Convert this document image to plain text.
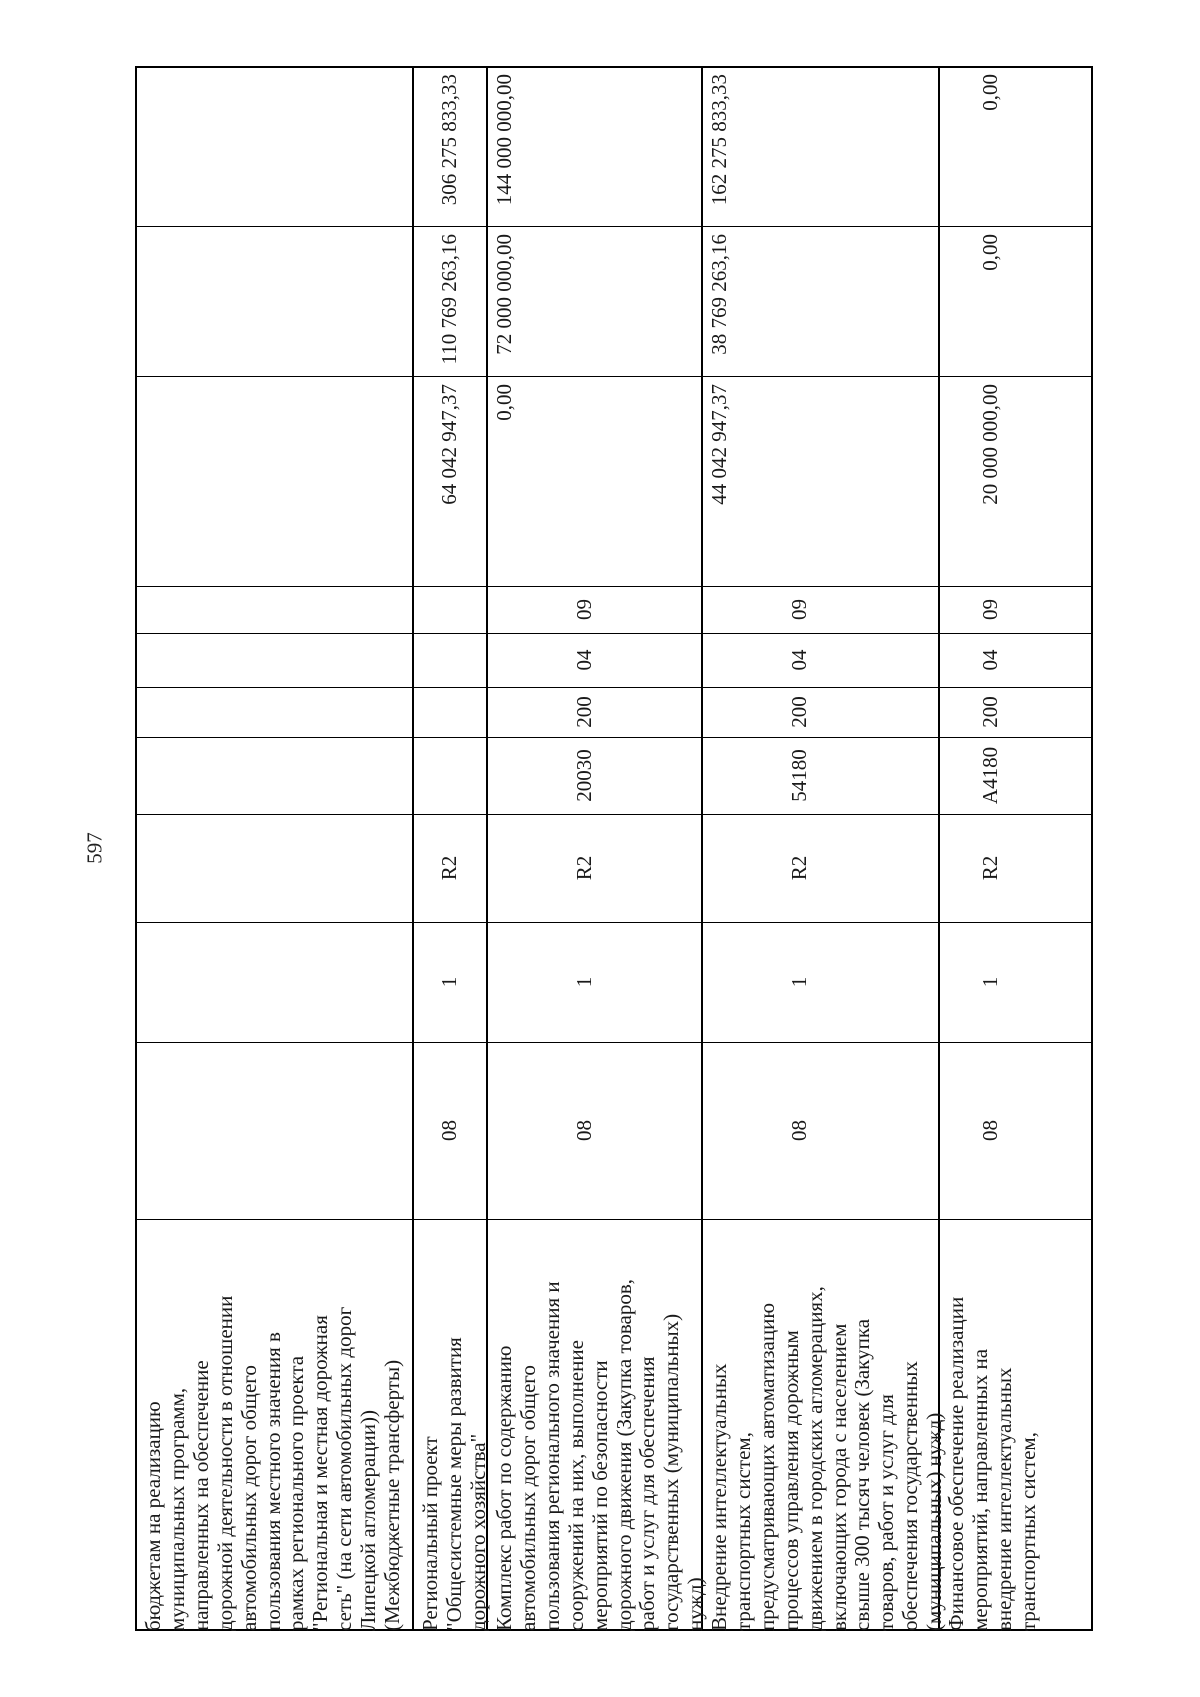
597
бюджетам на реализацию муниципальных программ, направленных на обеспечение дорожной деятельности в отношении автомобильных дорог общего пользования местного значения в рамках регионального проекта "Региональная и местная дорожная сеть" (на сети автомобильных дорог Липецкой агломерации)) (Межбюджетные трансферты) Региональный проект "Общесистемные меры развития дорожного хозяйства"
08
1
R2
64 042 947,37
110 769 263,16
306 275 833,33
Комплекс работ по содержанию автомобильных дорог общего пользования регионального значения и сооружений на них, выполнение мероприятий по безопасности дорожного движения (Закупка товаров, работ и услуг для обеспечения государственных (муниципальных) нужд)
08
1
R2
20030
200
04
09
0,00
72 000 000,00
144 000 000,00
Внедрение интеллектуальных транспортных систем, предусматривающих автоматизацию процессов управления дорожным движением в городских агломерациях, включающих города с населением свыше 300 тысяч человек (Закупка товаров, работ и услуг для обеспечения государственных (муниципальных) нужд)
08
1
R2
54180
200
04
09
44 042 947,37
38 769 263,16
162 275 833,33
Финансовое обеспечение реализации мероприятий, направленных на внедрение интеллектуальных транспортных систем,
08
1
R2
А4180
200
04
09
20 000 000,00
0,00
0,00
